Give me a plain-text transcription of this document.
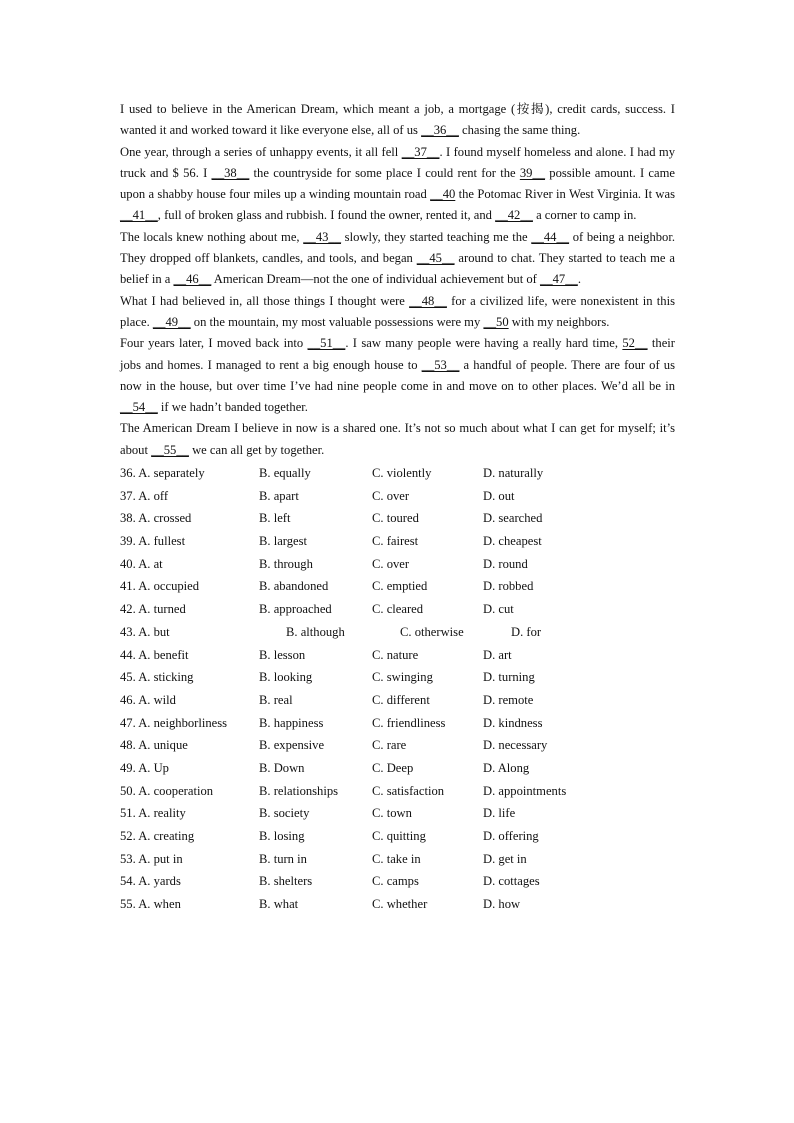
I used to believe in the American Dream, which meant a job, a mortgage (按揭), credit cards, success. I wanted it and worked toward it like everyone else, all of us __36__ chasing the same thing.

One year, through a series of unhappy events, it all fell __37__. I found myself homeless and alone. I had my truck and $ 56. I __38__ the countryside for some place I could rent for the 39__ possible amount. I came upon a shabby house four miles up a winding mountain road __40 the Potomac River in West Virginia. It was __41__, full of broken glass and rubbish. I found the owner, rented it, and __42__ a corner to camp in.

The locals knew nothing about me, __43__ slowly, they started teaching me the __44__ of being a neighbor. They dropped off blankets, candles, and tools, and began __45__ around to chat. They started to teach me a belief in a __46__ American Dream—not the one of individual achievement but of __47__.

What I had believed in, all those things I thought were __48__ for a civilized life, were nonexistent in this place. __49__ on the mountain, my most valuable possessions were my __50 with my neighbors.

Four years later, I moved back into __51__. I saw many people were having a really hard time, 52__ their jobs and homes. I managed to rent a big enough house to __53__ a handful of people. There are four of us now in the house, but over time I’ve had nine people come in and move on to other places. We’d all be in __54__ if we hadn’t banded together.

The American Dream I believe in now is a shared one. It’s not so much about what I can get for myself; it’s about __55__ we can all get by together.

36. A. separately	B. equally	C. violently	D. naturally
37. A. off	B. apart	C. over	D. out
38. A. crossed	B. left	C. toured	D. searched
39. A. fullest	B. largest	C. fairest	D. cheapest
40. A. at	B. through	C. over	D. round
41. A. occupied	B. abandoned	C. emptied	D. robbed
42. A. turned	B. approached	C. cleared	D. cut
43. A. but	B. although	C. otherwise	D. for
44. A. benefit	B. lesson	C. nature	D. art
45. A. sticking	B. looking	C. swinging	D. turning
46. A. wild	B. real	C. different	D. remote
47. A. neighborliness	B. happiness	C. friendliness	D. kindness
48. A. unique	B. expensive	C. rare	D. necessary
49. A. Up	B. Down	C. Deep	D. Along
50. A. cooperation	B. relationships	C. satisfaction	D. appointments
51. A. reality	B. society	C. town	D. life
52. A. creating	B. losing	C. quitting	D. offering
53. A. put in	B. turn in	C. take in	D. get in
54. A. yards	B. shelters	C. camps	D. cottages
55. A. when	B. what	C. whether	D. how
